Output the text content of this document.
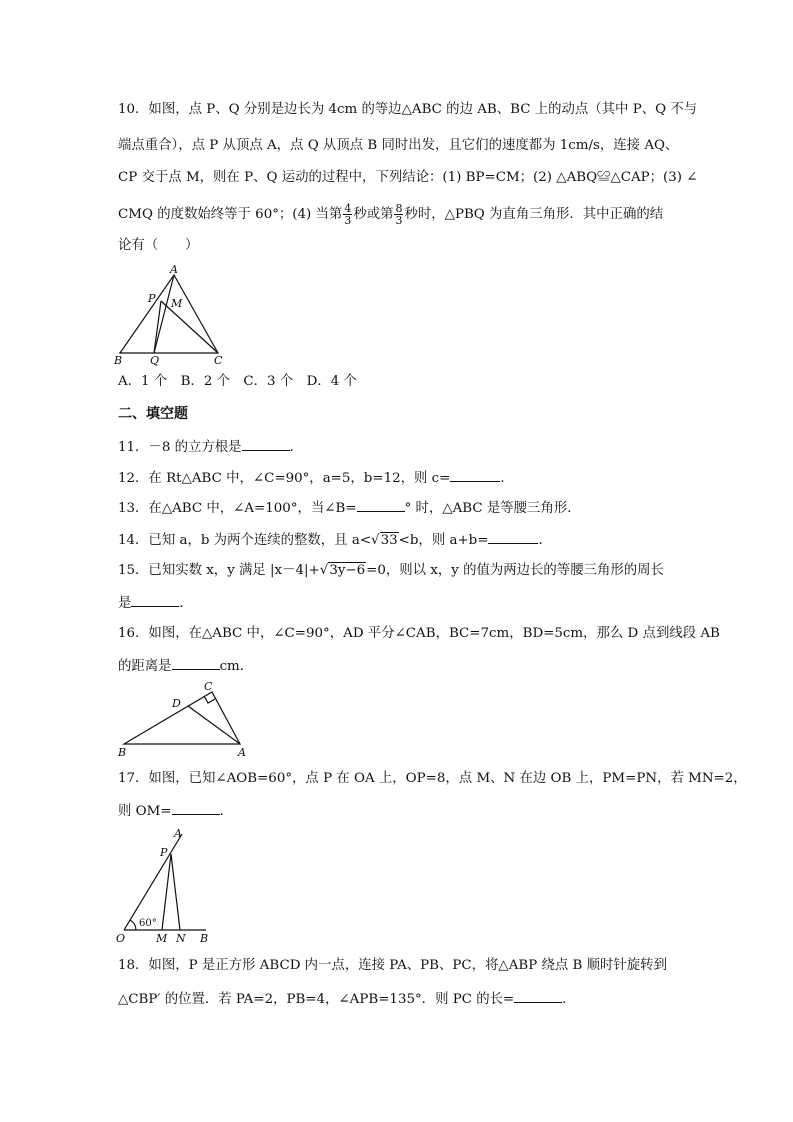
10．如图，点 P、Q 分别是边长为 4cm 的等边△ABC 的边 AB、BC 上的动点（其中 P、Q 不与
端点重合），点 P 从顶点 A，点 Q 从顶点 B 同时出发，且它们的速度都为 1cm/s，连接 AQ、
CP 交于点 M，则在 P、Q 运动的过程中，下列结论：(1) BP=CM；(2) △ABQ≌△CAP；(3) ∠
CMQ 的度数始终等于 60°；(4) 当第 $\frac{4}{3}$ 秒或第 $\frac{8}{3}$ 秒时，△PBQ 为直角三角形．其中正确的结
论有（　　）
A
P M
B	Q	C
A．1 个　B．2 个　C．3 个　D．4 个
二、填空题
11．－8 的立方根是	．
12．在 Rt△ABC 中，∠C=90°，a=5，b=12，则 c=	．
13．在△ABC 中，∠A=100°，当∠B=	° 时，△ABC 是等腰三角形．
14．已知 a，b 为两个连续的整数，且 a<√33<b，则 a+b=	．
15．已知实数 x，y 满足 |x－4|+√3y−6=0，则以 x，y 的值为两边长的等腰三角形的周长
是	．
16．如图，在△ABC 中，∠C=90°，AD 平分∠CAB，BC=7cm，BD=5cm，那么 D 点到线段 AB
的距离是	cm．
B	A
C
D
17．如图，已知∠AOB=60°，点 P 在 OA 上，OP=8，点 M、N 在边 OB 上，PM=PN，若 MN=2，
则 OM=	．
A
P
60°
O	M N B
18．如图，P 是正方形 ABCD 内一点，连接 PA、PB、PC，将△ABP 绕点 B 顺时针旋转到
△CBP′ 的位置．若 PA=2，PB=4，∠APB=135°．则 PC 的长=	．
